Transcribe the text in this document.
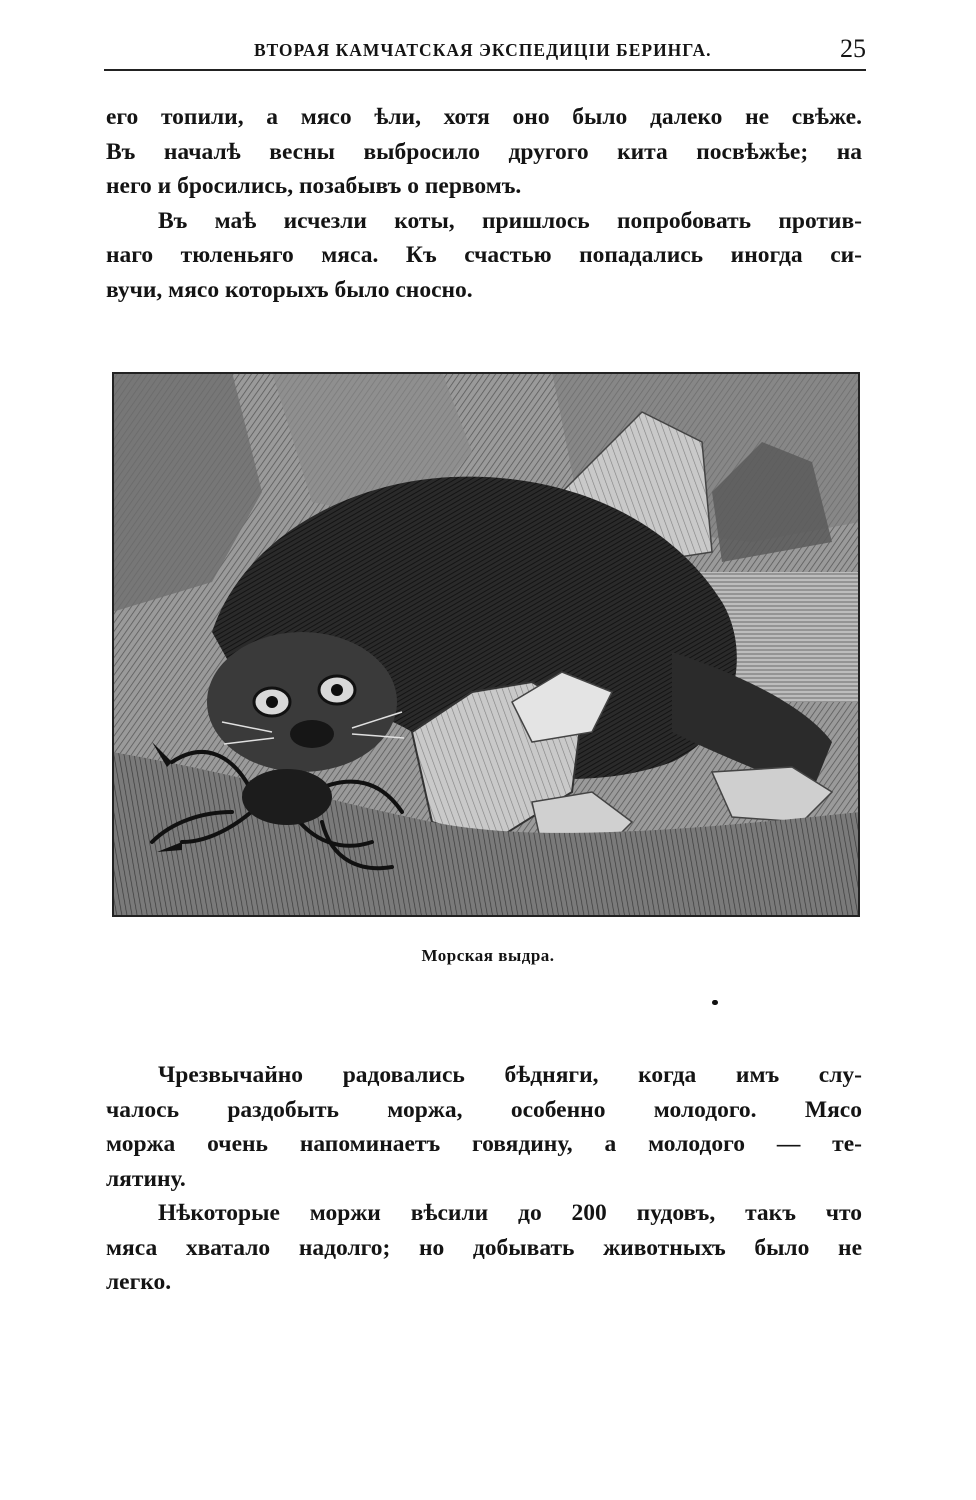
ВТОРАЯ КАМЧАТСКАЯ ЭКСПЕДИЦІИ БЕРИНГА.	25

его топили, а мясо ѣли, хотя оно было далеко не свѣже.
Въ началѣ весны выбросило другого кита посвѣжѣе; на
него и бросились, позабывъ о первомъ.

Въ маѣ исчезли коты, пришлось попробовать против-
наго тюленьяго мяса. Къ счастью попадались иногда си-
вучи, мясо которыхъ было сносно.

Морская выдра.

Чрезвычайно радовались бѣдняги, когда имъ слу-
чалось раздобыть моржа, особенно молодого. Мясо
моржа очень напоминаетъ говядину, а молодого — те-
лятину.

Нѣкоторые моржи вѣсили до 200 пудовъ, такъ что
мяса хватало надолго; но добывать животныхъ было не
легко.
